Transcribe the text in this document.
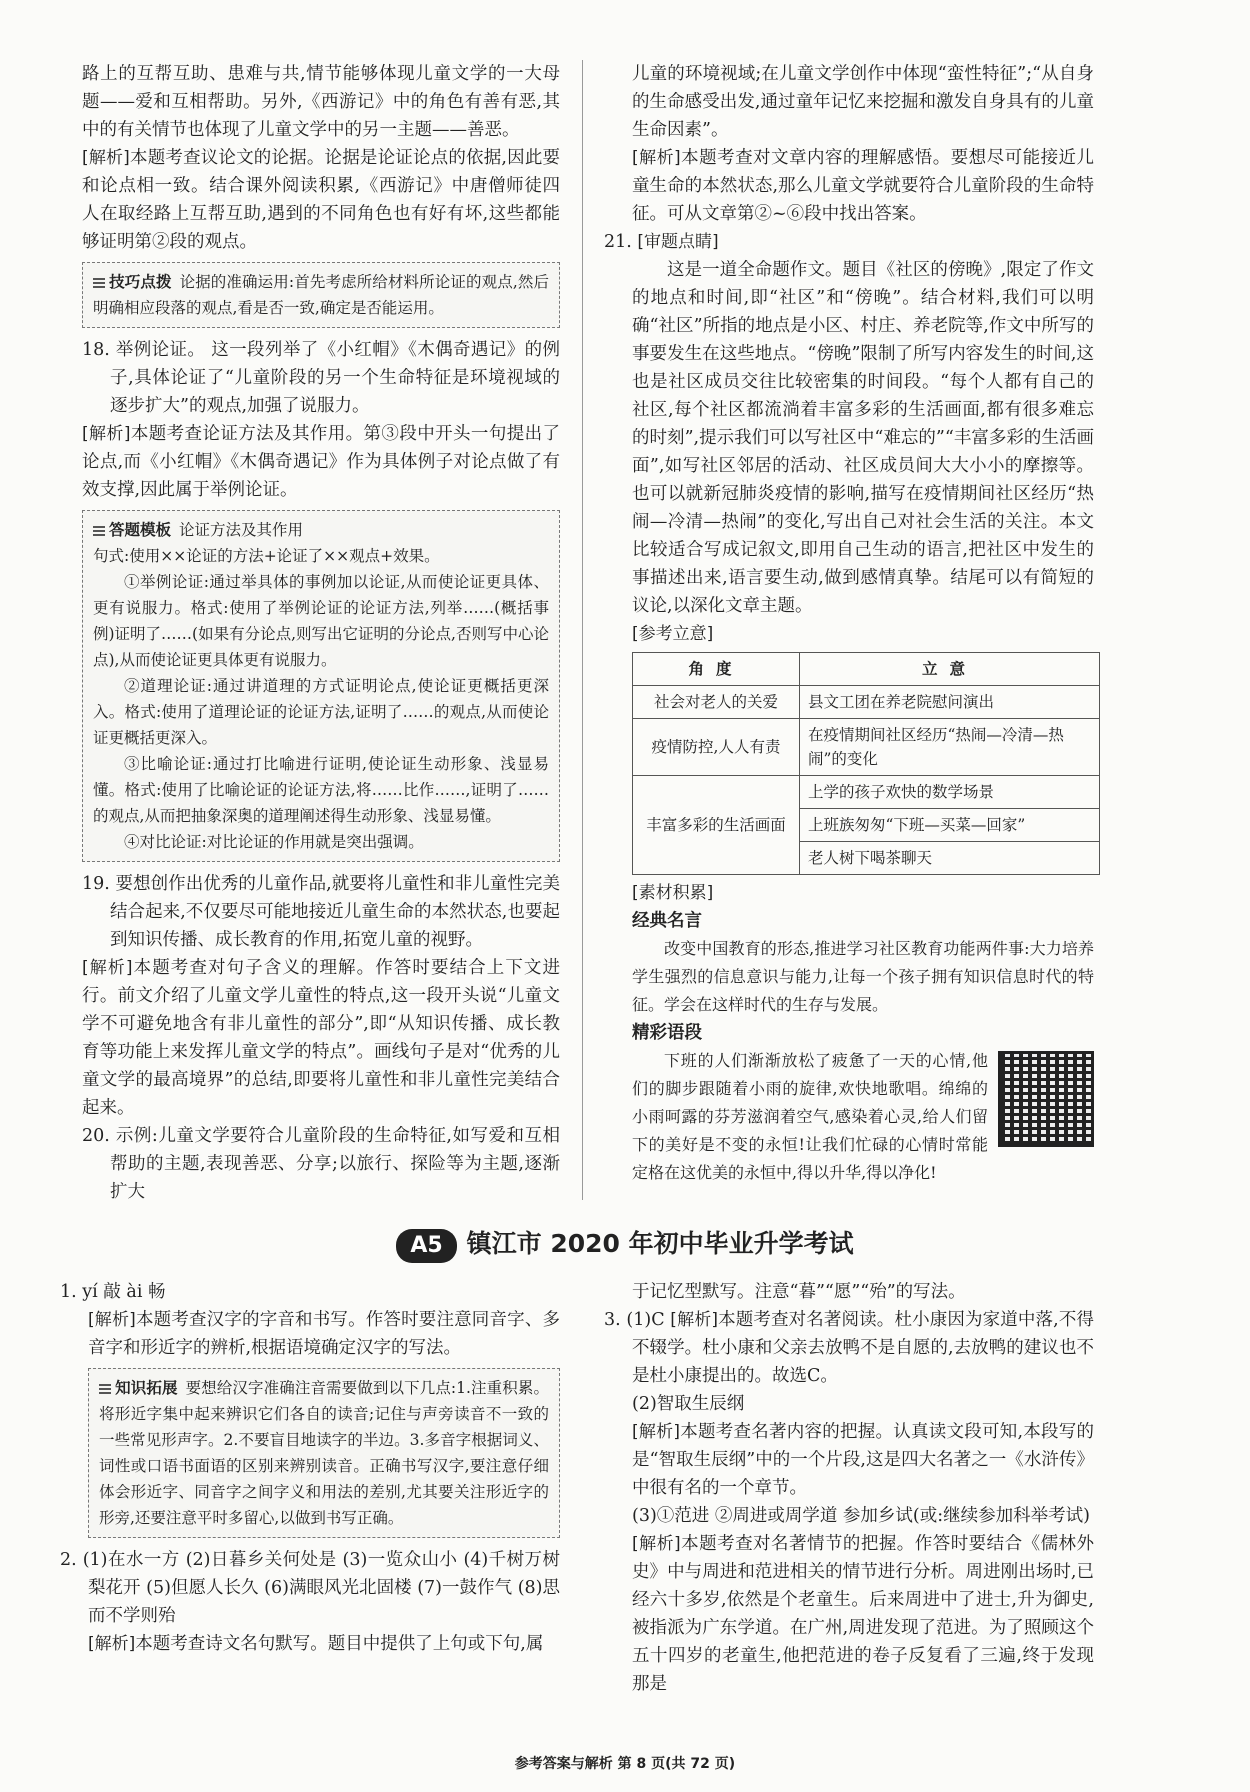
路上的互帮互助、患难与共,情节能够体现儿童文学的一大母题——爱和互相帮助。另外,《西游记》中的角色有善有恶,其中的有关情节也体现了儿童文学中的另一主题——善恶。

[解析]本题考查议论文的论据。论据是论证论点的依据,因此要和论点相一致。结合课外阅读积累,《西游记》中唐僧师徒四人在取经路上互帮互助,遇到的不同角色也有好有坏,这些都能够证明第②段的观点。

技巧点拨 论据的准确运用:首先考虑所给材料所论证的观点,然后明确相应段落的观点,看是否一致,确定是否能运用。

18. 举例论证。 这一段列举了《小红帽》《木偶奇遇记》的例子,具体论证了“儿童阶段的另一个生命特征是环境视域的逐步扩大”的观点,加强了说服力。

[解析]本题考查论证方法及其作用。第③段中开头一句提出了论点,而《小红帽》《木偶奇遇记》作为具体例子对论点做了有效支撑,因此属于举例论证。

答题模板 论证方法及其作用

句式:使用××论证的方法+论证了××观点+效果。

①举例论证:通过举具体的事例加以论证,从而使论证更具体、更有说服力。格式:使用了举例论证的论证方法,列举……(概括事例)证明了……(如果有分论点,则写出它证明的分论点,否则写中心论点),从而使论证更具体更有说服力。

②道理论证:通过讲道理的方式证明论点,使论证更概括更深入。格式:使用了道理论证的论证方法,证明了……的观点,从而使论证更概括更深入。

③比喻论证:通过打比喻进行证明,使论证生动形象、浅显易懂。格式:使用了比喻论证的论证方法,将……比作……,证明了……的观点,从而把抽象深奥的道理阐述得生动形象、浅显易懂。

④对比论证:对比论证的作用就是突出强调。

19. 要想创作出优秀的儿童作品,就要将儿童性和非儿童性完美结合起来,不仅要尽可能地接近儿童生命的本然状态,也要起到知识传播、成长教育的作用,拓宽儿童的视野。

[解析]本题考查对句子含义的理解。作答时要结合上下文进行。前文介绍了儿童文学儿童性的特点,这一段开头说“儿童文学不可避免地含有非儿童性的部分”,即“从知识传播、成长教育等功能上来发挥儿童文学的特点”。画线句子是对“优秀的儿童文学的最高境界”的总结,即要将儿童性和非儿童性完美结合起来。

20. 示例:儿童文学要符合儿童阶段的生命特征,如写爱和互相帮助的主题,表现善恶、分享;以旅行、探险等为主题,逐渐扩大

儿童的环境视域;在儿童文学创作中体现“蛮性特征”;“从自身的生命感受出发,通过童年记忆来挖掘和激发自身具有的儿童生命因素”。

[解析]本题考查对文章内容的理解感悟。要想尽可能接近儿童生命的本然状态,那么儿童文学就要符合儿童阶段的生命特征。可从文章第②~⑥段中找出答案。

21. [审题点睛]

这是一道全命题作文。题目《社区的傍晚》,限定了作文的地点和时间,即“社区”和“傍晚”。结合材料,我们可以明确“社区”所指的地点是小区、村庄、养老院等,作文中所写的事要发生在这些地点。“傍晚”限制了所写内容发生的时间,这也是社区成员交往比较密集的时间段。“每个人都有自己的社区,每个社区都流淌着丰富多彩的生活画面,都有很多难忘的时刻”,提示我们可以写社区中“难忘的”“丰富多彩的生活画面”,如写社区邻居的活动、社区成员间大大小小的摩擦等。也可以就新冠肺炎疫情的影响,描写在疫情期间社区经历“热闹—冷清—热闹”的变化,写出自己对社会生活的关注。本文比较适合写成记叙文,即用自己生动的语言,把社区中发生的事描述出来,语言要生动,做到感情真挚。结尾可以有简短的议论,以深化文章主题。

[参考立意]

角度	立意
社会对老人的关爱	县文工团在养老院慰问演出
疫情防控,人人有责	在疫情期间社区经历“热闹—冷清—热闹”的变化
丰富多彩的生活画面	上学的孩子欢快的数学场景
	上班族匆匆“下班—买菜—回家”
	老人树下喝茶聊天

[素材积累]

经典名言

改变中国教育的形态,推进学习社区教育功能两件事:大力培养学生强烈的信息意识与能力,让每一个孩子拥有知识信息时代的特征。学会在这样时代的生存与发展。

精彩语段

下班的人们渐渐放松了疲惫了一天的心情,他们的脚步跟随着小雨的旋律,欢快地歌唱。绵绵的小雨呵露的芬芳滋润着空气,感染着心灵,给人们留下的美好是不变的永恒!让我们忙碌的心情时常能定格在这优美的永恒中,得以升华,得以净化!

A5 镇江市 2020 年初中毕业升学考试

1. yí 敲 ài 畅

[解析]本题考查汉字的字音和书写。作答时要注意同音字、多音字和形近字的辨析,根据语境确定汉字的写法。

知识拓展 要想给汉字准确注音需要做到以下几点:1.注重积累。将形近字集中起来辨识它们各自的读音;记住与声旁读音不一致的一些常见形声字。2.不要盲目地读字的半边。3.多音字根据词义、词性或口语书面语的区别来辨别读音。正确书写汉字,要注意仔细体会形近字、同音字之间字义和用法的差别,尤其要关注形近字的形旁,还要注意平时多留心,以做到书写正确。

2. (1)在水一方 (2)日暮乡关何处是 (3)一览众山小 (4)千树万树梨花开 (5)但愿人长久 (6)满眼风光北固楼 (7)一鼓作气 (8)思而不学则殆

[解析]本题考查诗文名句默写。题目中提供了上句或下句,属

于记忆型默写。注意“暮”“愿”“殆”的写法。

3. (1)C [解析]本题考查对名著阅读。杜小康因为家道中落,不得不辍学。杜小康和父亲去放鸭不是自愿的,去放鸭的建议也不是杜小康提出的。故选C。

(2)智取生辰纲

[解析]本题考查名著内容的把握。认真读文段可知,本段写的是“智取生辰纲”中的一个片段,这是四大名著之一《水浒传》中很有名的一个章节。

(3)①范进 ②周进或周学道 参加乡试(或:继续参加科举考试)

[解析]本题考查对名著情节的把握。作答时要结合《儒林外史》中与周进和范进相关的情节进行分析。周进刚出场时,已经六十多岁,依然是个老童生。后来周进中了进士,升为御史,被指派为广东学道。在广州,周进发现了范进。为了照顾这个五十四岁的老童生,他把范进的卷子反复看了三遍,终于发现那是

参考答案与解析 第 8 页(共 72 页)
